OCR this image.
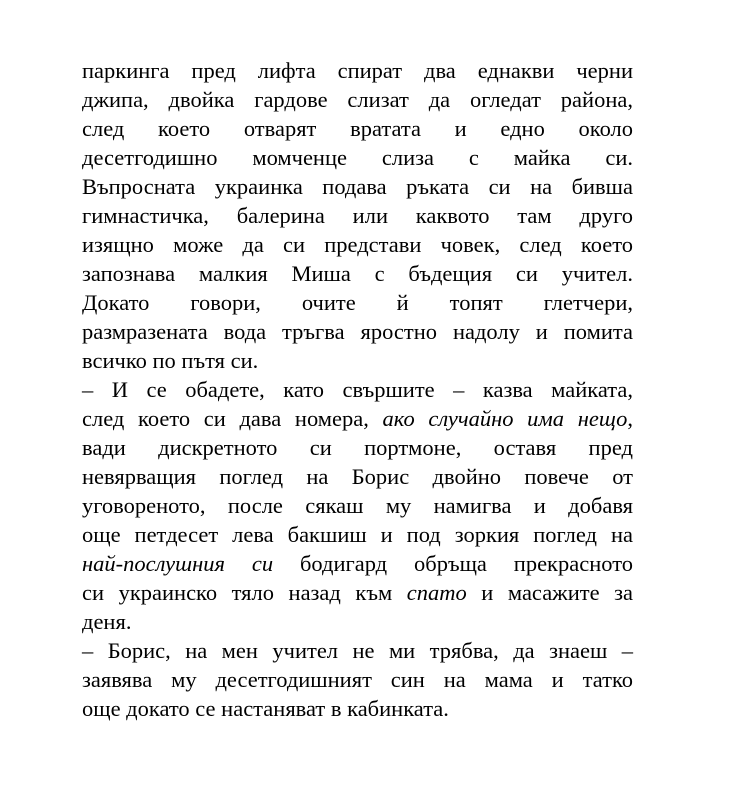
паркинга пред лифта спират два еднакви черни
джипа, двойка гардове слизат да огледат района,
след което отварят вратата и едно около
десетгодишно момченце слиза с майка си.
Въпросната украинка подава ръката си на бивша
гимнастичка, балерина или каквото там друго
изящно може да си представи човек, след което
запознава малкия Миша с бъдещия си учител.
Докато говори, очите й топят глетчери,
размразената вода тръгва яростно надолу и помита
всичко по пътя си.
– И се обадете, като свършите – казва майката,
след което си дава номера, ако случайно има нещо,
вади дискретното си портмоне, оставя пред
невярващия поглед на Борис двойно повече от
уговореното, после сякаш му намигва и добавя
още петдесет лева бакшиш и под зоркия поглед на
най-послушния си бодигард обръща прекрасното
си украинско тяло назад към спато и масажите за
деня.
– Борис, на мен учител не ми трябва, да знаеш –
заявява му десетгодишният син на мама и татко
още докато се настаняват в кабинката.
